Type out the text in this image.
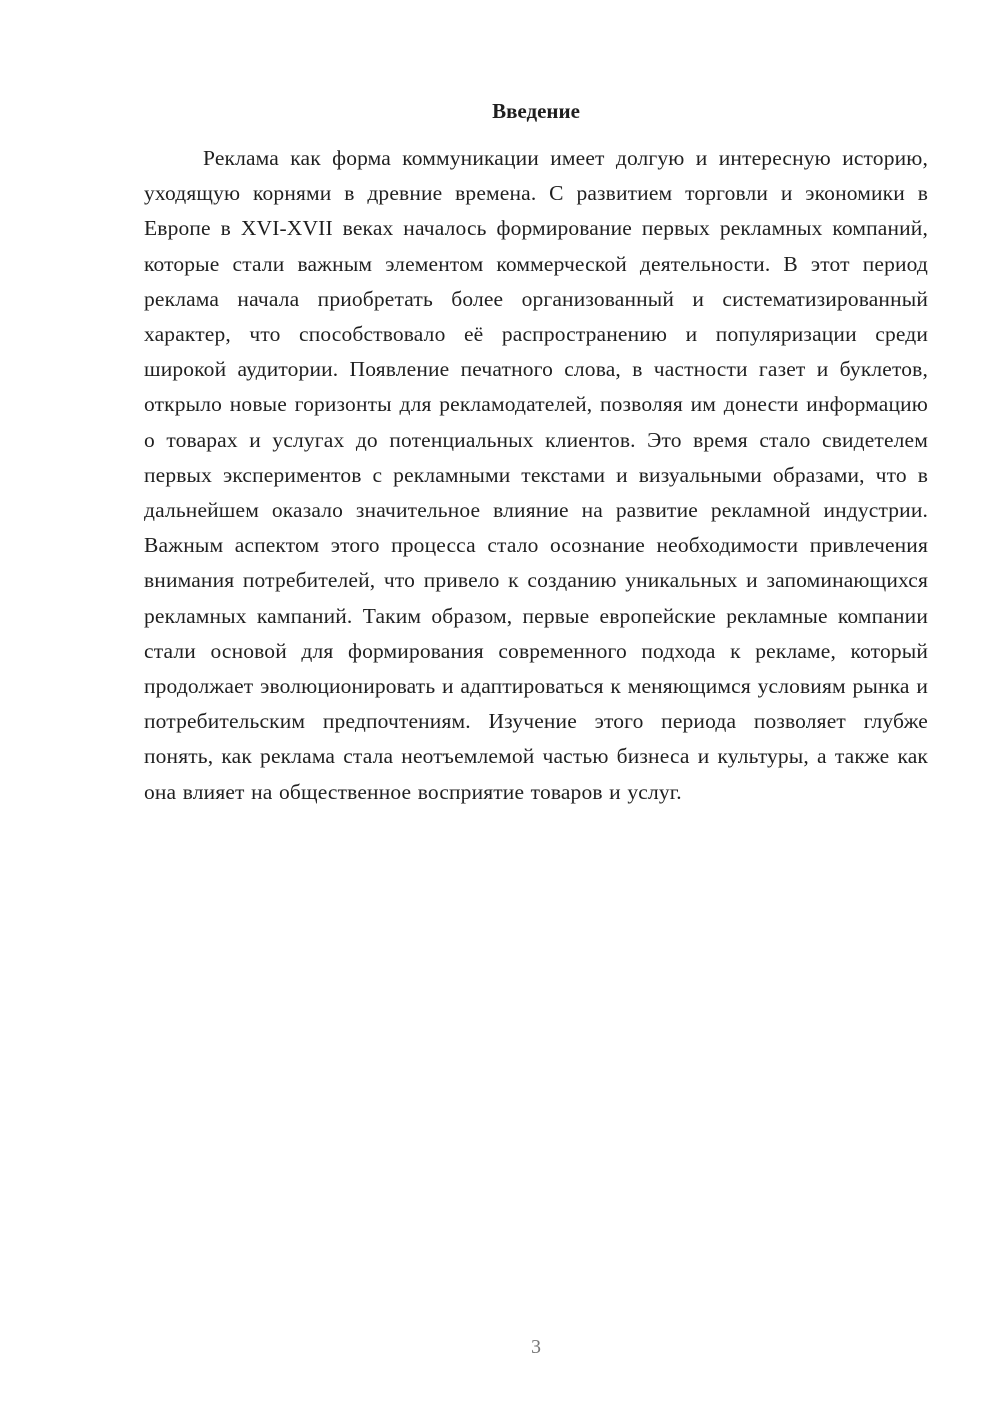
Введение

Реклама как форма коммуникации имеет долгую и интересную историю, уходящую корнями в древние времена. С развитием торговли и экономики в Европе в XVI-XVII веках началось формирование первых рекламных компаний, которые стали важным элементом коммерческой деятельности. В этот период реклама начала приобретать более организованный и систематизированный характер, что способствовало её распространению и популяризации среди широкой аудитории. Появление печатного слова, в частности газет и буклетов, открыло новые горизонты для рекламодателей, позволяя им донести информацию о товарах и услугах до потенциальных клиентов. Это время стало свидетелем первых экспериментов с рекламными текстами и визуальными образами, что в дальнейшем оказало значительное влияние на развитие рекламной индустрии. Важным аспектом этого процесса стало осознание необходимости привлечения внимания потребителей, что привело к созданию уникальных и запоминающихся рекламных кампаний. Таким образом, первые европейские рекламные компании стали основой для формирования современного подхода к рекламе, который продолжает эволюционировать и адаптироваться к меняющимся условиям рынка и потребительским предпочтениям. Изучение этого периода позволяет глубже понять, как реклама стала неотъемлемой частью бизнеса и культуры, а также как она влияет на общественное восприятие товаров и услуг.

3
